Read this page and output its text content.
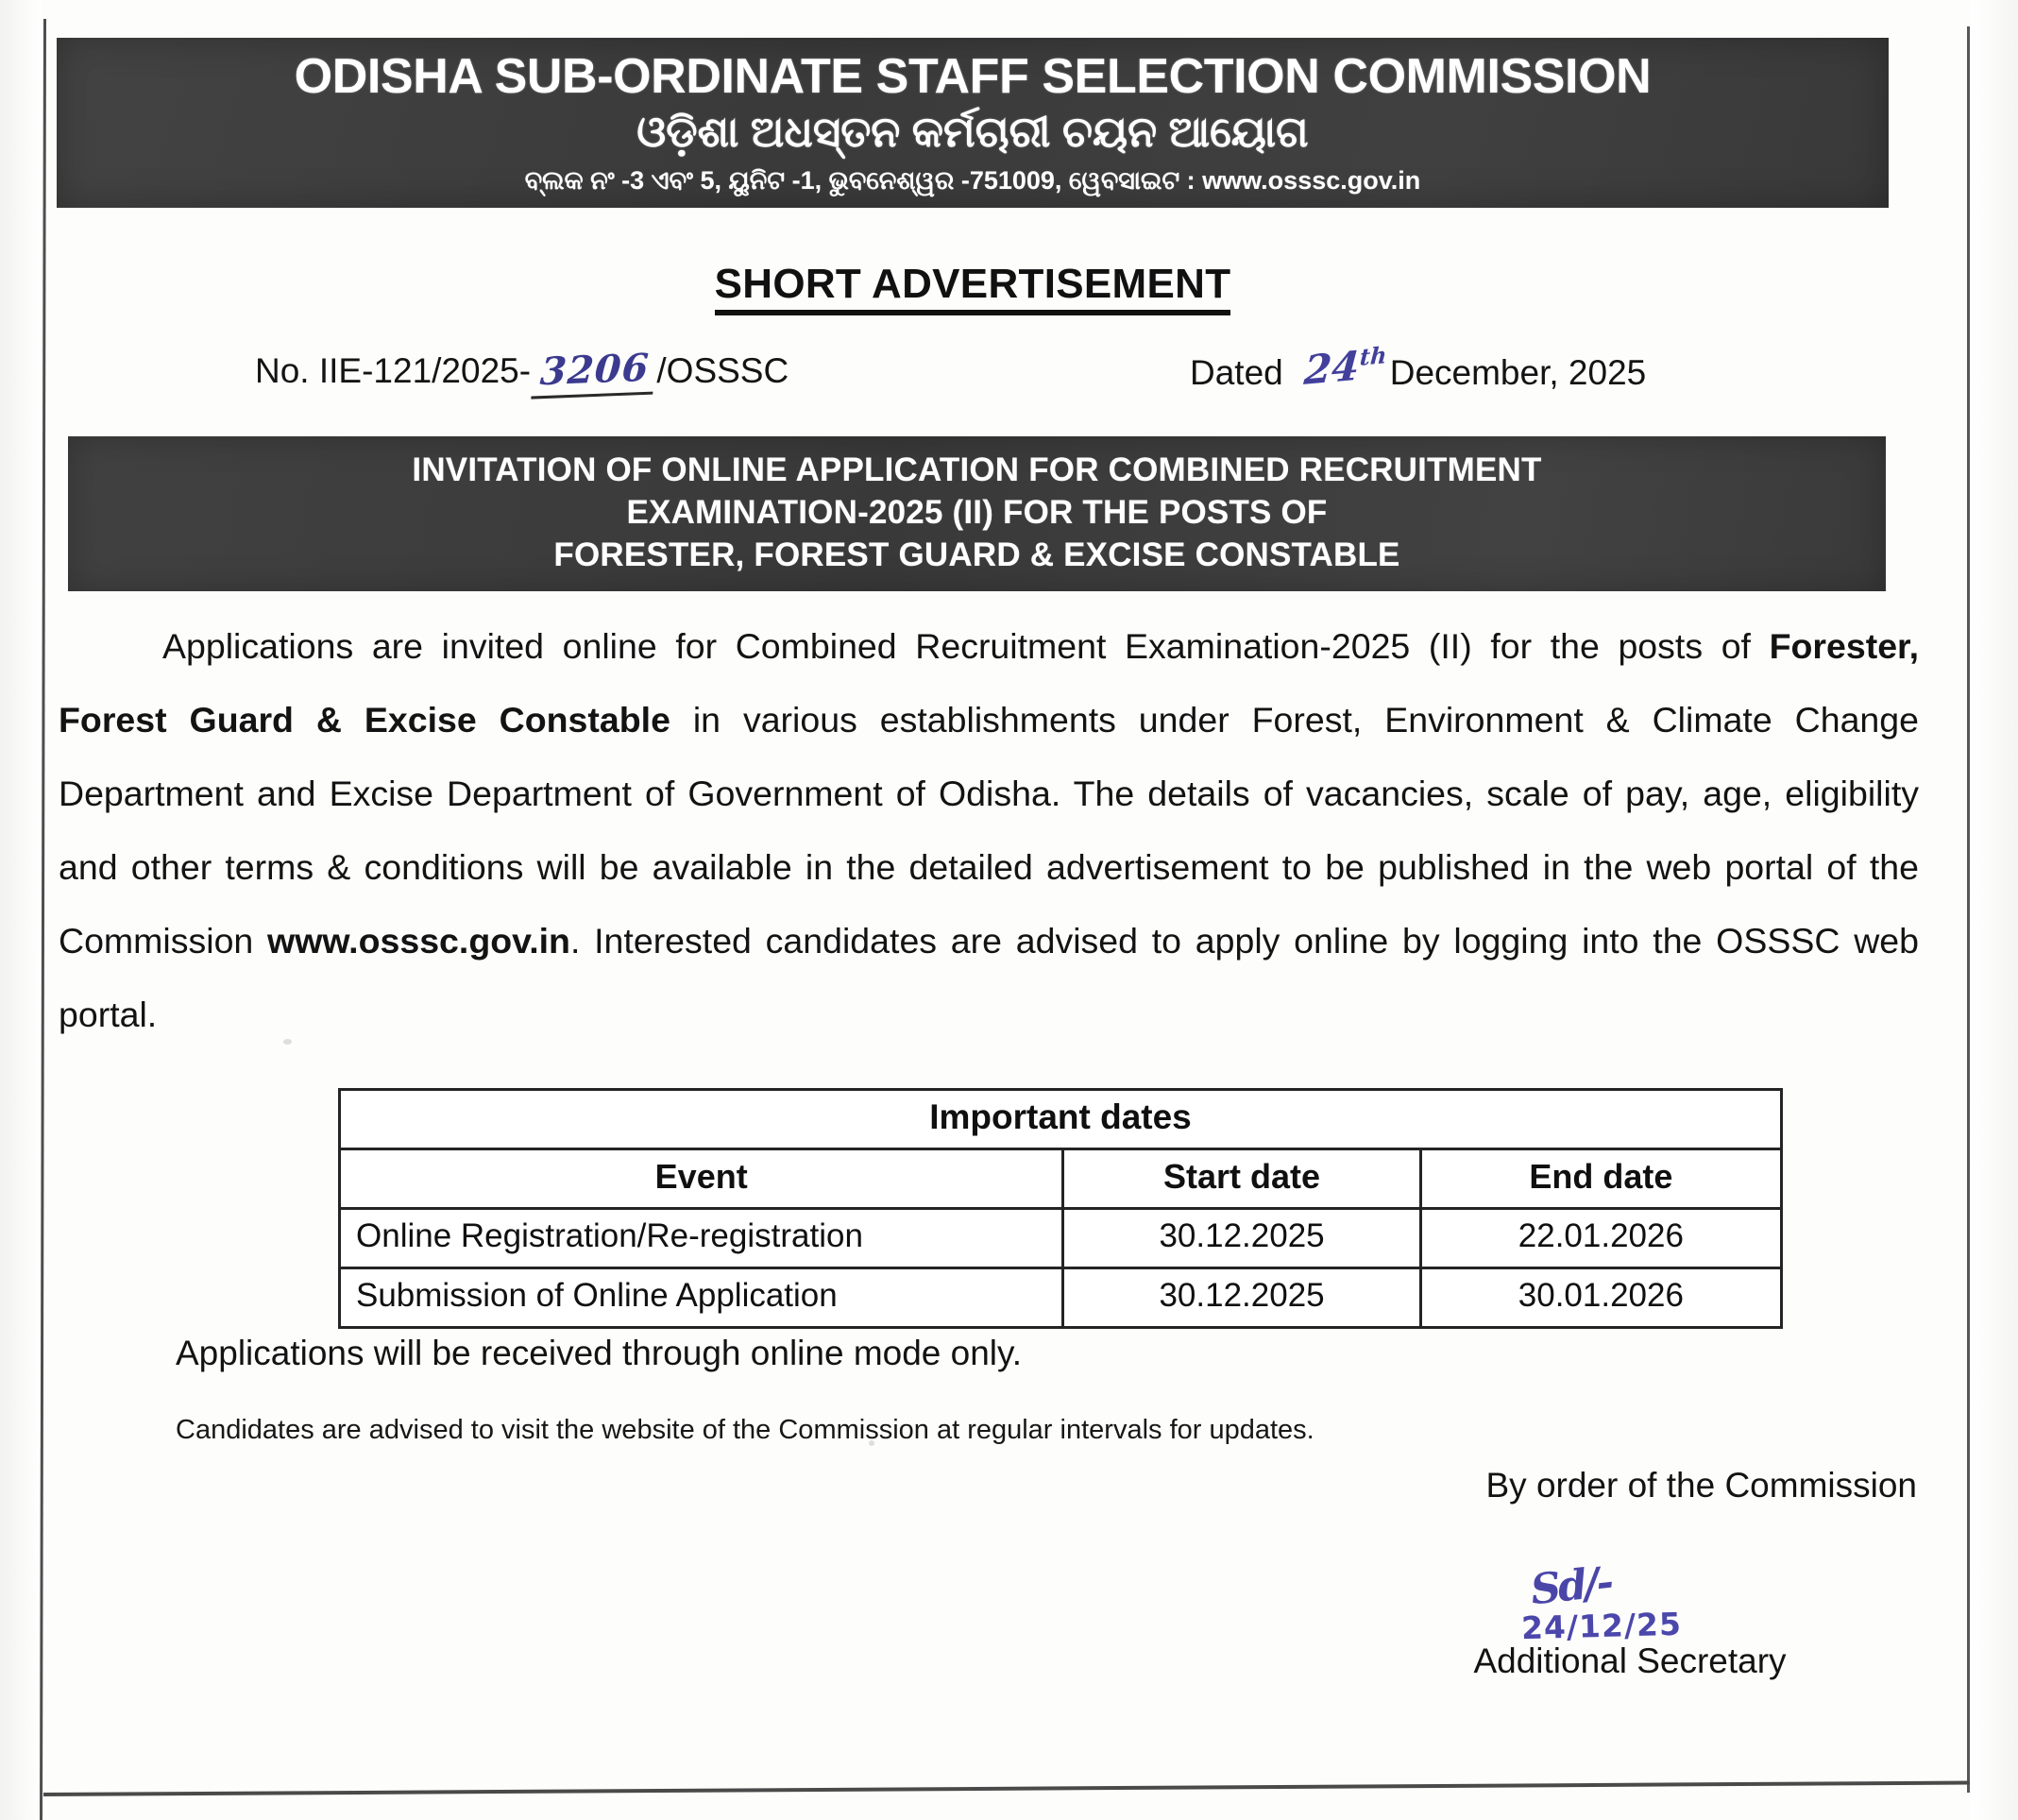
ODISHA SUB-ORDINATE STAFF SELECTION COMMISSION
ଓଡ଼ିଶା ଅଧସ୍ତନ କର୍ମଚାରୀ ଚୟନ ଆୟୋଗ
ବ୍ଲକ ନଂ -3 ଏବଂ 5, ୟୁନିଟ -1, ଭୁବନେଶ୍ୱର -751009, ୱେବସାଇଟ : www.osssc.gov.in
SHORT ADVERTISEMENT
No. IIE-121/2025- 3206 /OSSSC	Dated 24thDecember, 2025
INVITATION OF ONLINE APPLICATION FOR COMBINED RECRUITMENT
EXAMINATION-2025 (II) FOR THE POSTS OF
FORESTER, FOREST GUARD & EXCISE CONSTABLE
Applications are invited online for Combined Recruitment Examination-2025 (II) for the posts of Forester, Forest Guard & Excise Constable in various establishments under Forest, Environment & Climate Change Department and Excise Department of Government of Odisha. The details of vacancies, scale of pay, age, eligibility and other terms & conditions will be available in the detailed advertisement to be published in the web portal of the Commission www.osssc.gov.in. Interested candidates are advised to apply online by logging into the OSSSC web portal.
Important dates		
Event	Start date	End date
Online Registration/Re-registration	30.12.2025	22.01.2026
Submission of Online Application	30.12.2025	30.01.2026
Applications will be received through online mode only.
Candidates are advised to visit the website of the Commission at regular intervals for updates.
By order of the Commission
Sd/-
24/12/25
Additional Secretary
